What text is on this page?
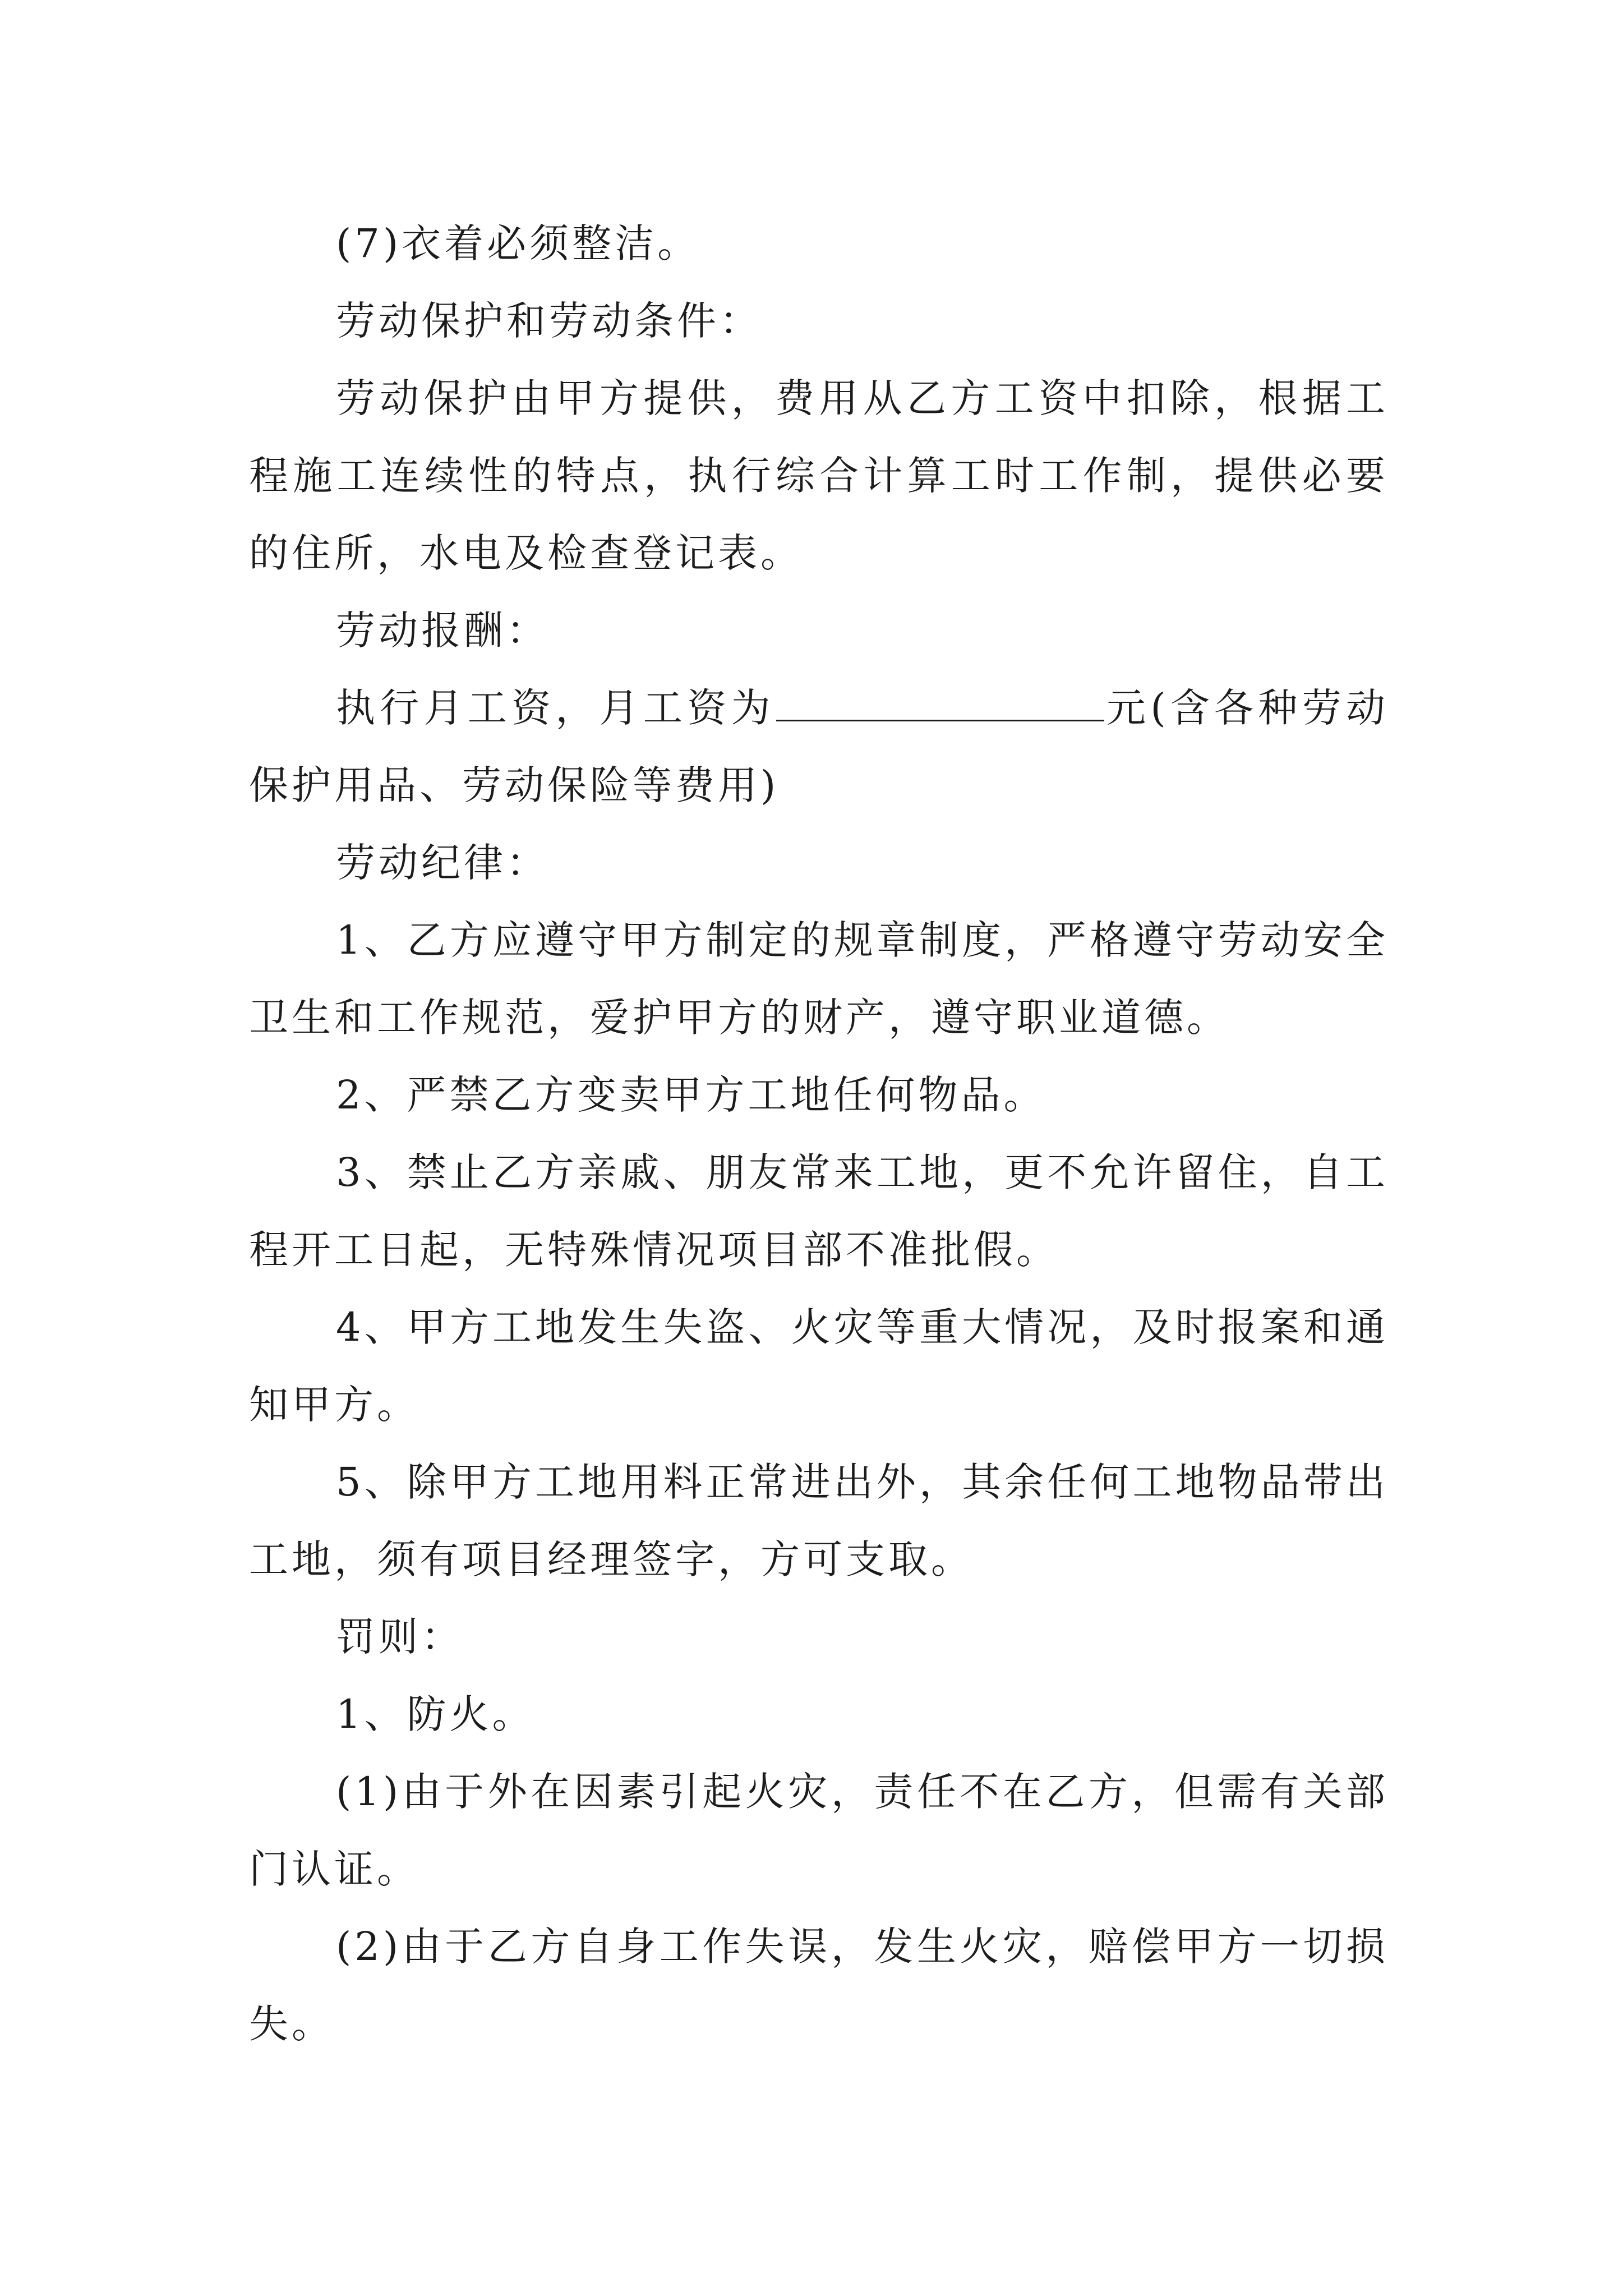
(7)衣着必须整洁。

劳动保护和劳动条件：

劳动保护由甲方提供，费用从乙方工资中扣除，根据工程施工连续性的特点，执行综合计算工时工作制，提供必要的住所，水电及检查登记表。

劳动报酬：

执行月工资，月工资为	元(含各种劳动保护用品、劳动保险等费用)

劳动纪律：

1、乙方应遵守甲方制定的规章制度，严格遵守劳动安全卫生和工作规范，爱护甲方的财产，遵守职业道德。

2、严禁乙方变卖甲方工地任何物品。

3、禁止乙方亲戚、朋友常来工地，更不允许留住，自工程开工日起，无特殊情况项目部不准批假。

4、甲方工地发生失盗、火灾等重大情况，及时报案和通知甲方。

5、除甲方工地用料正常进出外，其余任何工地物品带出工地，须有项目经理签字，方可支取。

罚则：

1、防火。

(1)由于外在因素引起火灾，责任不在乙方，但需有关部门认证。

(2)由于乙方自身工作失误，发生火灾，赔偿甲方一切损失。
